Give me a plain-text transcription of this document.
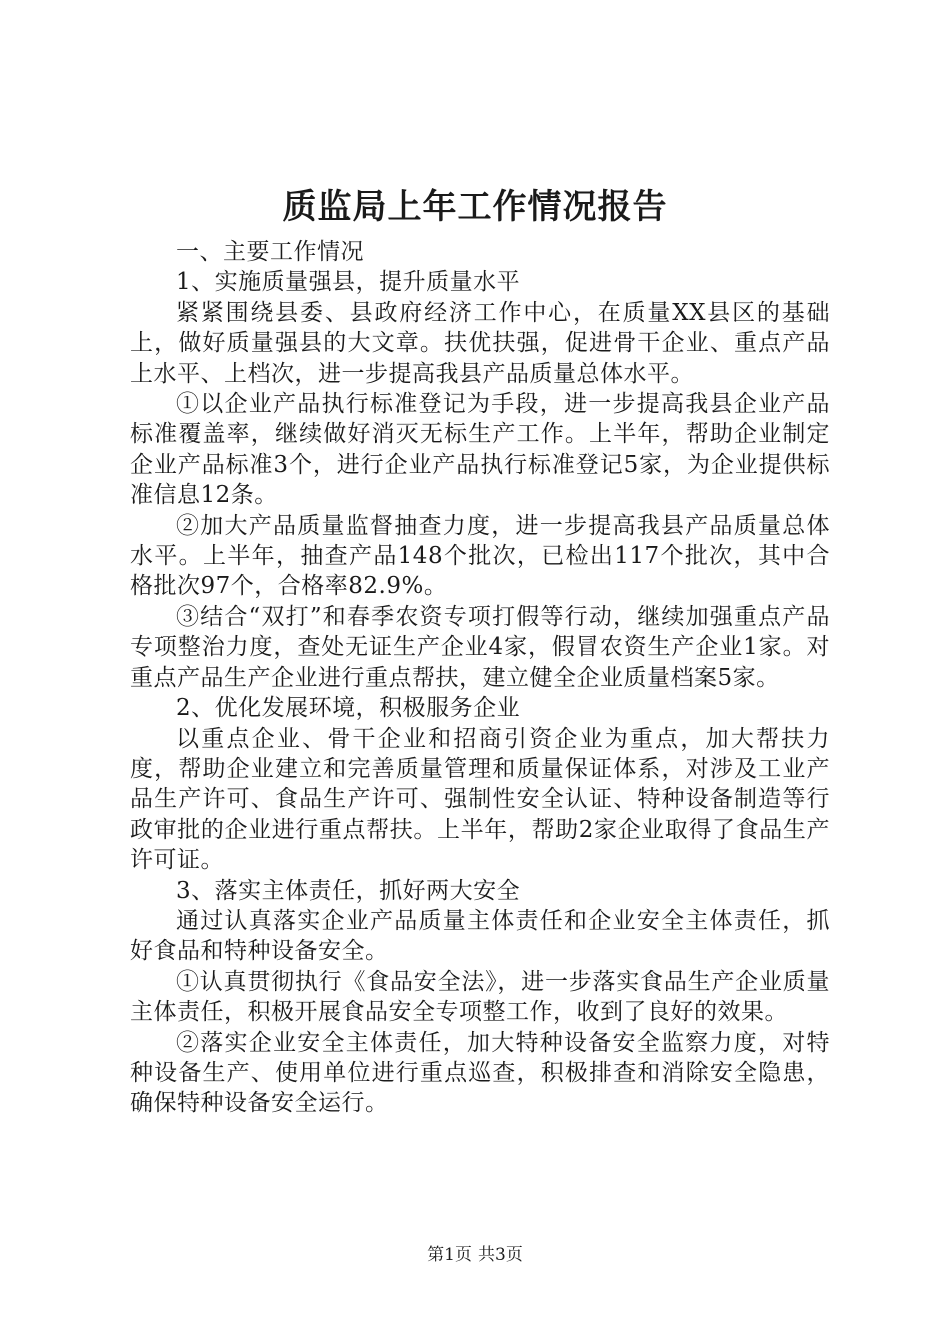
质监局上年工作情况报告

一、主要工作情况

1、实施质量强县，提升质量水平

紧紧围绕县委、县政府经济工作中心，在质量XX县区的基础上，做好质量强县的大文章。扶优扶强，促进骨干企业、重点产品上水平、上档次，进一步提高我县产品质量总体水平。

①以企业产品执行标准登记为手段，进一步提高我县企业产品标准覆盖率，继续做好消灭无标生产工作。上半年，帮助企业制定企业产品标准3个，进行企业产品执行标准登记5家，为企业提供标准信息12条。

②加大产品质量监督抽查力度，进一步提高我县产品质量总体水平。上半年，抽查产品148个批次，已检出117个批次，其中合格批次97个，合格率82.9%。

③结合“双打”和春季农资专项打假等行动，继续加强重点产品专项整治力度，查处无证生产企业4家，假冒农资生产企业1家。对重点产品生产企业进行重点帮扶，建立健全企业质量档案5家。

2、优化发展环境，积极服务企业

以重点企业、骨干企业和招商引资企业为重点，加大帮扶力度，帮助企业建立和完善质量管理和质量保证体系，对涉及工业产品生产许可、食品生产许可、强制性安全认证、特种设备制造等行政审批的企业进行重点帮扶。上半年，帮助2家企业取得了食品生产许可证。

3、落实主体责任，抓好两大安全

通过认真落实企业产品质量主体责任和企业安全主体责任，抓好食品和特种设备安全。

①认真贯彻执行《食品安全法》，进一步落实食品生产企业质量主体责任，积极开展食品安全专项整工作，收到了良好的效果。

②落实企业安全主体责任，加大特种设备安全监察力度，对特种设备生产、使用单位进行重点巡查，积极排查和消除安全隐患，确保特种设备安全运行。

第1页 共3页
